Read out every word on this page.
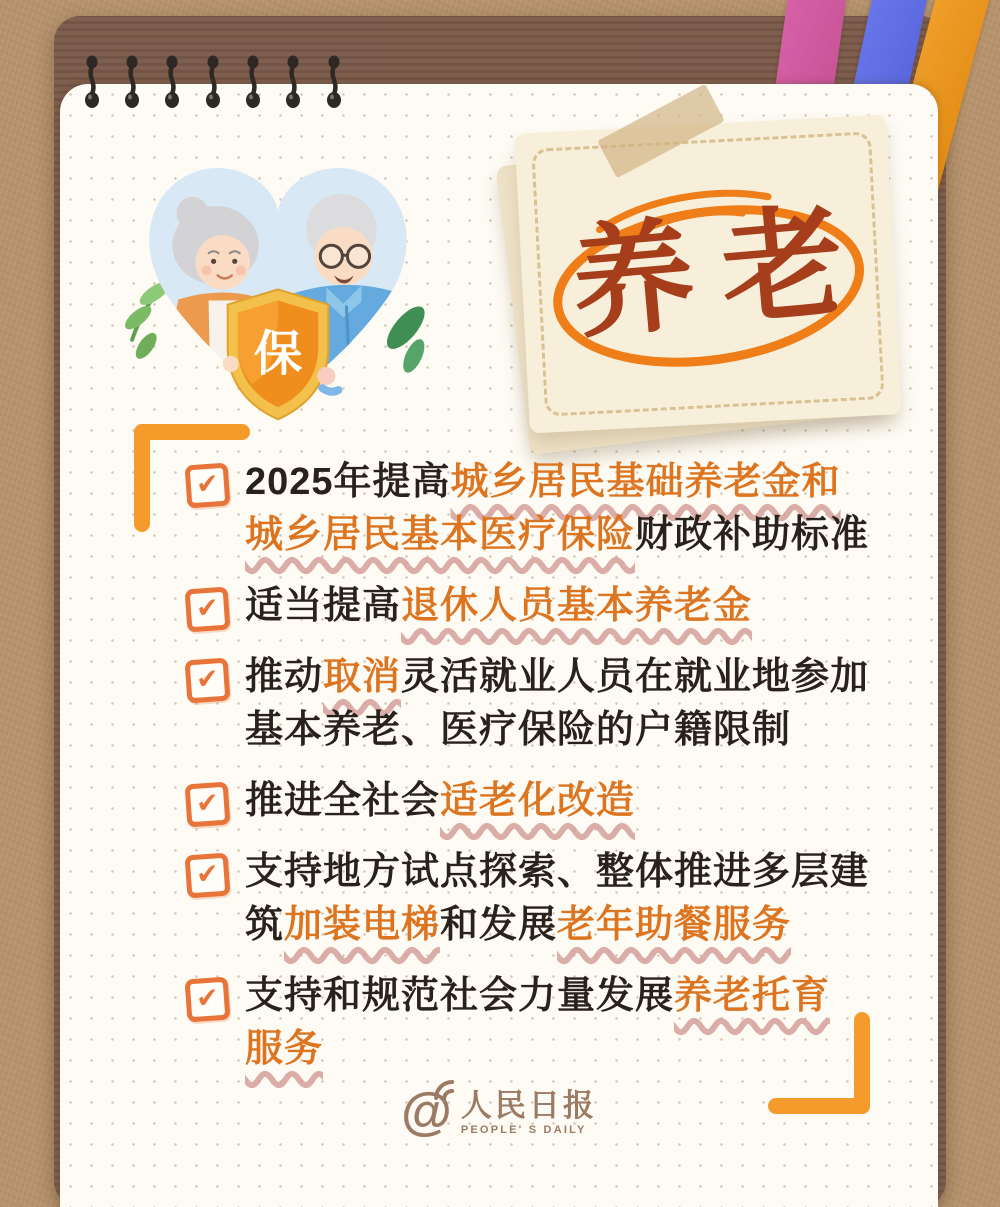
保
养老
✔ 2025年提高城乡居民基础养老金和
城乡居民基本医疗保险财政补助标准

✔ 适当提高退休人员基本养老金

✔ 推动取消灵活就业人员在就业地参加
基本养老、医疗保险的户籍限制

✔ 推进全社会适老化改造

✔ 支持地方试点探索、整体推进多层建
筑加装电梯和发展老年助餐服务

✔ 支持和规范社会力量发展养老托育
服务

@ 人民日报
PEOPLE' S DAILY
